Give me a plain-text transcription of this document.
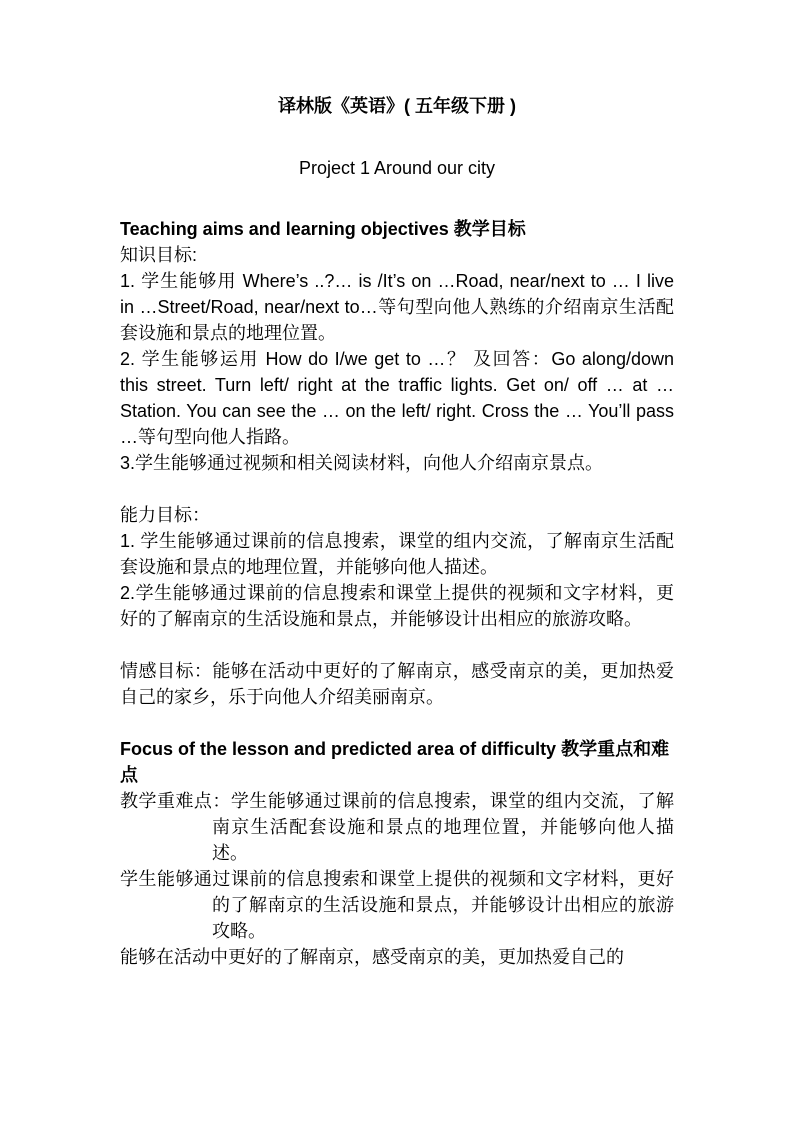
译林版《英语》( 五年级下册 )
Project 1 Around our city
Teaching aims and learning objectives 教学目标

知识目标:

1. 学生能够用 Where’s ..?… is /It’s on …Road, near/next to … I live in …Street/Road, near/next to…等句型向他人熟练的介绍南京生活配套设施和景点的地理位置。

2. 学生能够运用 How do I/we get to …？ 及回答：Go along/down this street. Turn left/ right at the traffic lights. Get on/ off … at …Station. You can see the … on the left/ right. Cross the … You’ll pass …等句型向他人指路。

3.学生能够通过视频和相关阅读材料，向他人介绍南京景点。

能力目标：

1. 学生能够通过课前的信息搜索，课堂的组内交流，了解南京生活配套设施和景点的地理位置，并能够向他人描述。

2.学生能够通过课前的信息搜索和课堂上提供的视频和文字材料，更好的了解南京的生活设施和景点，并能够设计出相应的旅游攻略。

情感目标：能够在活动中更好的了解南京，感受南京的美，更加热爱自己的家乡，乐于向他人介绍美丽南京。

Focus of the lesson and predicted area of difficulty 教学重点和难点

教学重难点：学生能够通过课前的信息搜索，课堂的组内交流，了解南京生活配套设施和景点的地理位置，并能够向他人描述。

学生能够通过课前的信息搜索和课堂上提供的视频和文字材料，更好的了解南京的生活设施和景点，并能够设计出相应的旅游攻略。

能够在活动中更好的了解南京，感受南京的美，更加热爱自己的
